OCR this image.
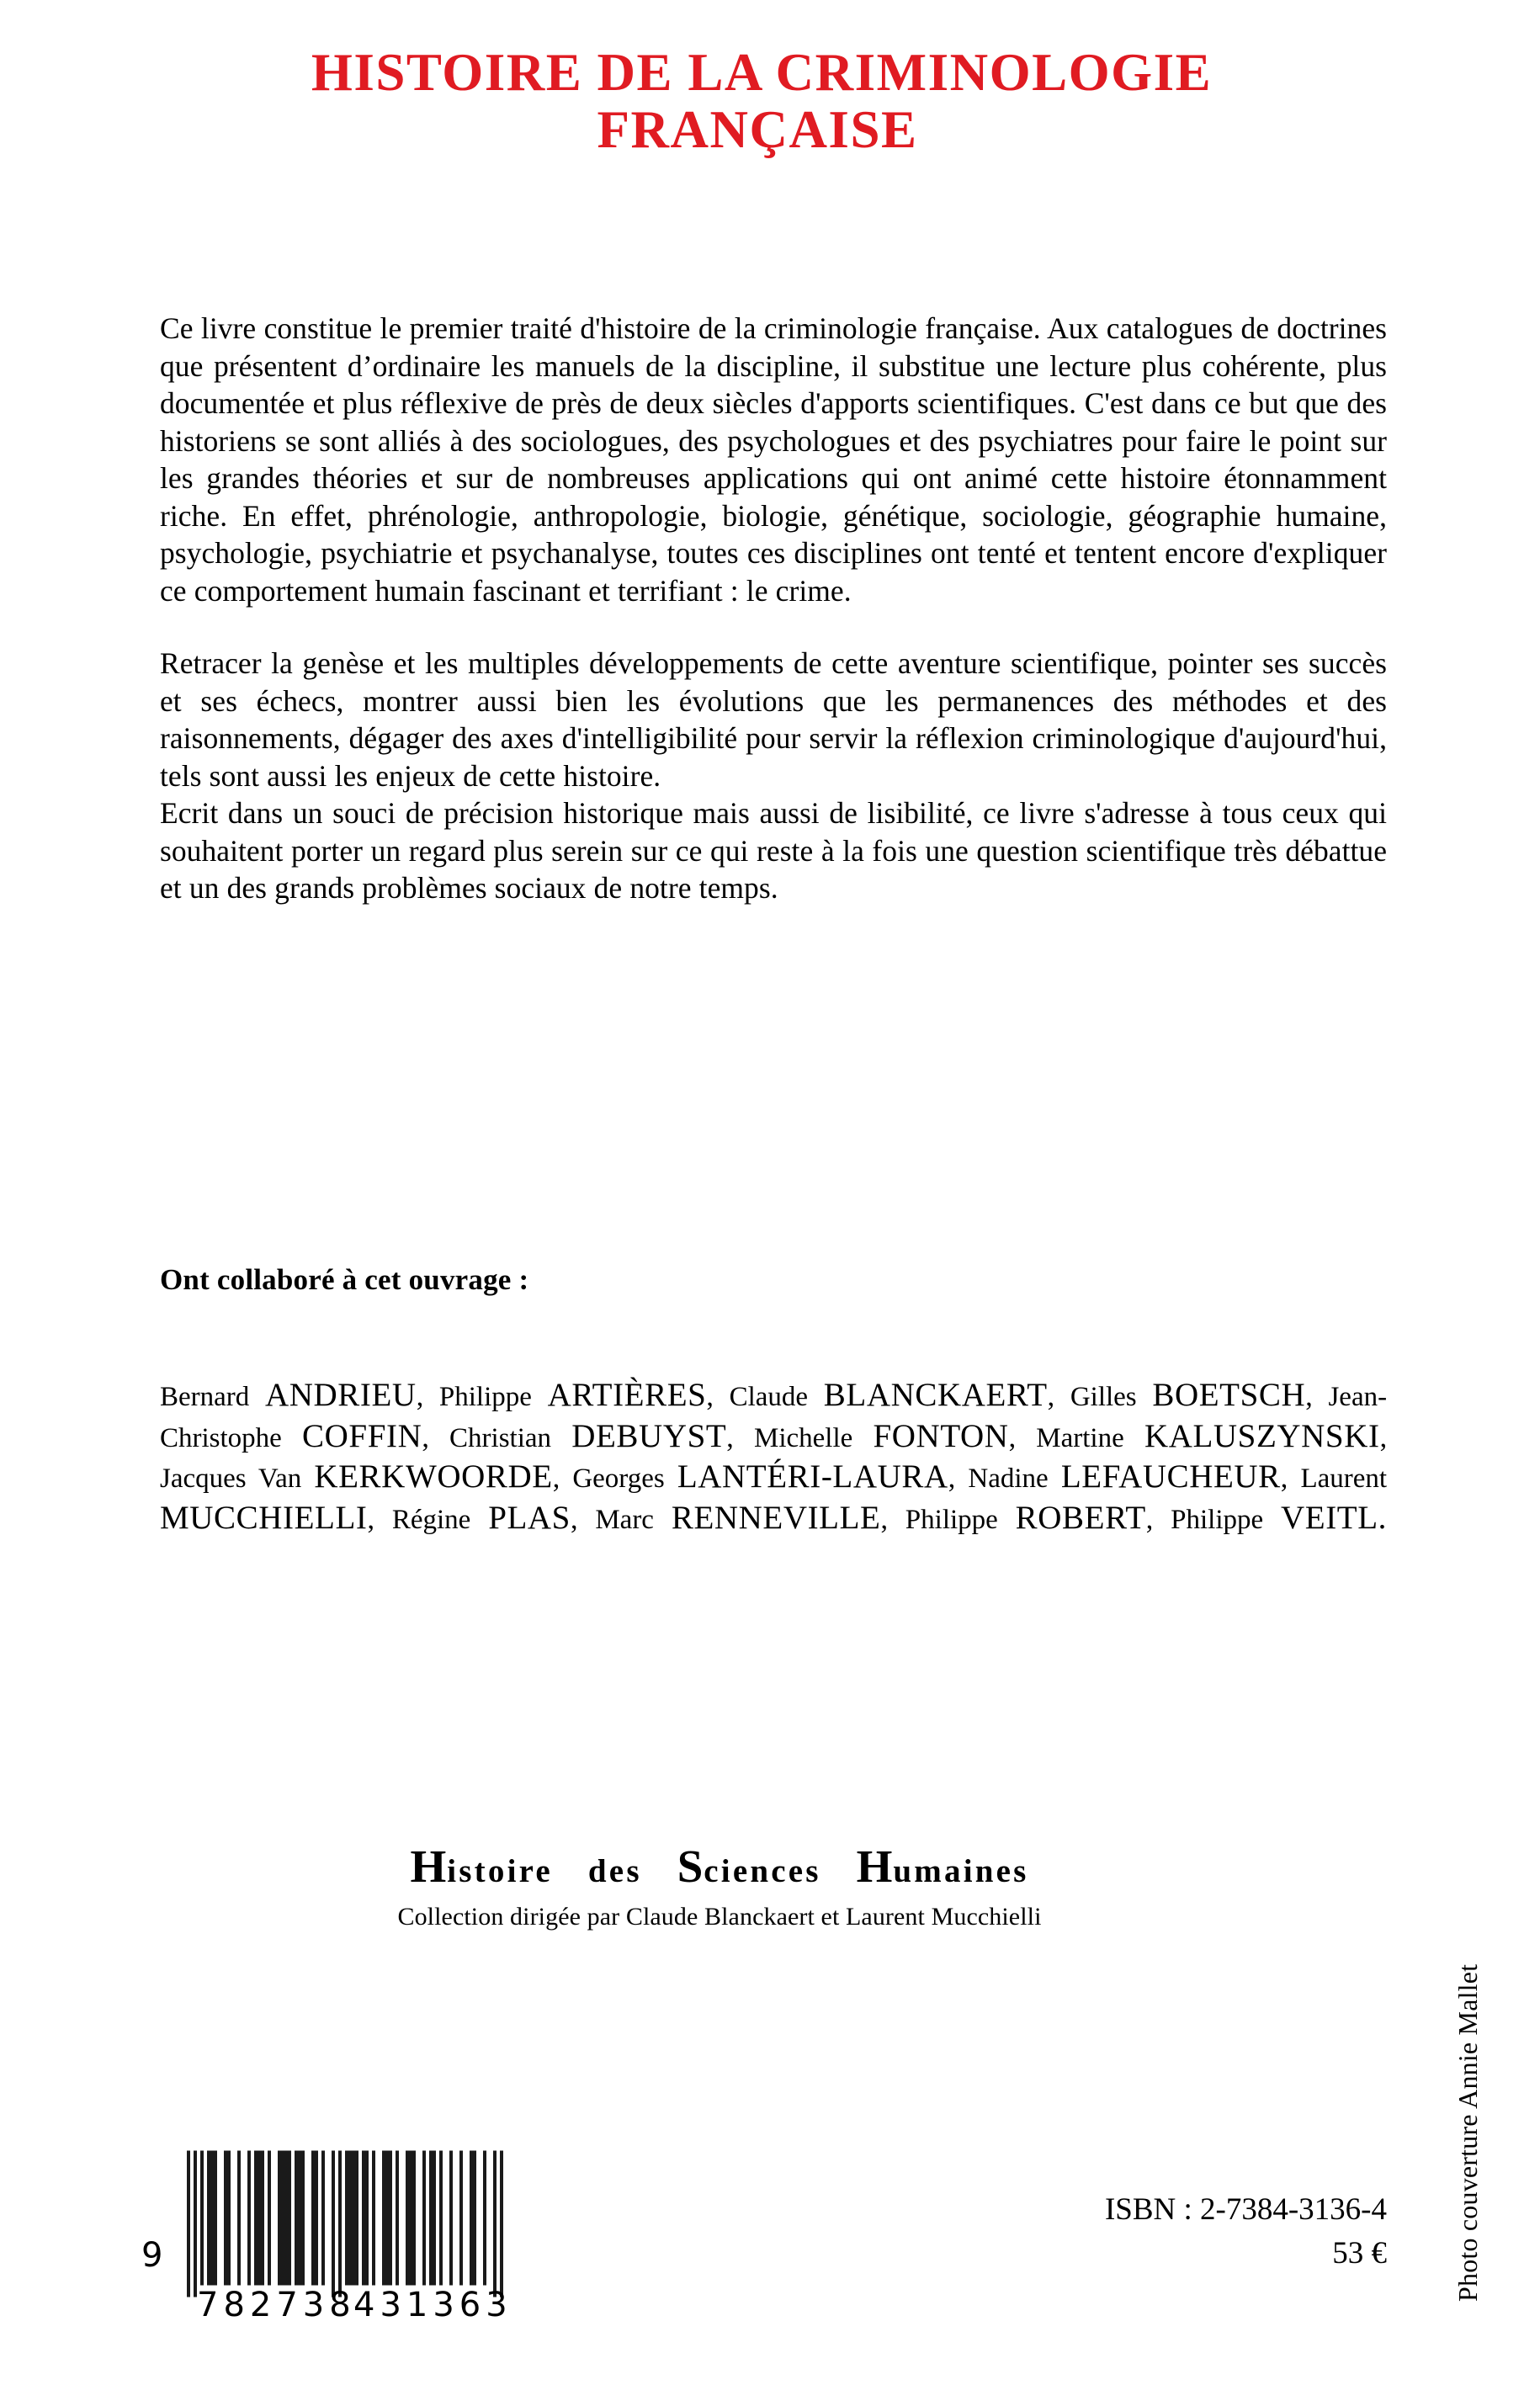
HISTOIRE DE LA CRIMINOLOGIE
FRANÇAISE

Ce livre constitue le premier traité d'histoire de la criminologie française. Aux catalogues de doctrines que présentent d’ordinaire les manuels de la discipline, il substitue une lecture plus cohérente, plus documentée et plus réflexive de près de deux siècles d'apports scientifiques. C'est dans ce but que des historiens se sont alliés à des sociologues, des psychologues et des psychiatres pour faire le point sur les grandes théories et sur de nombreuses applications qui ont animé cette histoire étonnamment riche. En effet, phrénologie, anthropologie, biologie, génétique, sociologie, géographie humaine, psychologie, psychiatrie et psychanalyse, toutes ces disciplines ont tenté et tentent encore d'expliquer ce comportement humain fascinant et terrifiant : le crime.

Retracer la genèse et les multiples développements de cette aventure scientifique, pointer ses succès et ses échecs, montrer aussi bien les évolutions que les permanences des méthodes et des raisonnements, dégager des axes d'intelligibilité pour servir la réflexion criminologique d'aujourd'hui, tels sont aussi les enjeux de cette histoire.

Ecrit dans un souci de précision historique mais aussi de lisibilité, ce livre s'adresse à tous ceux qui souhaitent porter un regard plus serein sur ce qui reste à la fois une question scientifique très débattue et un des grands problèmes sociaux de notre temps.

Ont collaboré à cet ouvrage :
Bernard ANDRIEU, Philippe ARTIÈRES, Claude BLANCKAERT, Gilles BOETSCH, Jean-Christophe COFFIN, Christian DEBUYST, Michelle FONTON, Martine KALUSZYNSKI, Jacques Van KERKWOORDE, Georges LANTÉRI-LAURA, Nadine LEFAUCHEUR, Laurent MUCCHIELLI, Régine PLAS, Marc RENNEVILLE, Philippe ROBERT, Philippe VEITL.
Histoire des Sciences Humaines
Collection dirigée par Claude Blanckaert et Laurent Mucchielli
Photo couverture Annie Mallet
9
782738
431363
ISBN : 2-7384-3136-4
53 €
